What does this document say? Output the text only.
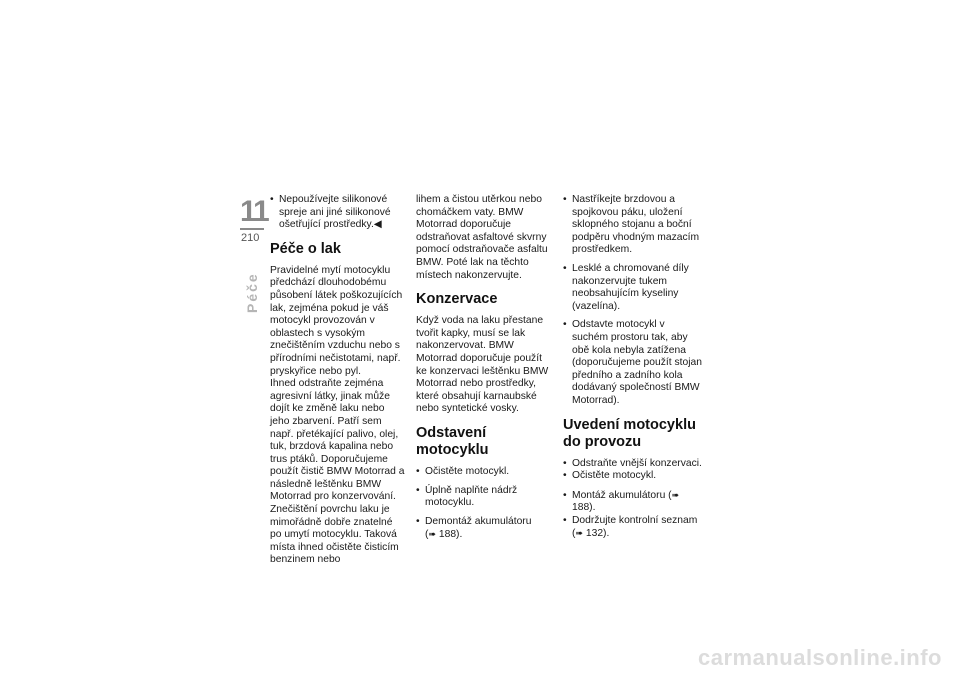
11
210
Péče

• Nepoužívejte silikonové spreje ani jiné silikonové ošetřující prostředky.◀

Péče o lak

Pravidelné mytí motocyklu předchází dlouhodobému působení látek poškozujících lak, zejména pokud je váš motocykl provozován v oblastech s vysokým znečištěním vzduchu nebo s přírodními nečistotami, např. pryskyřice nebo pyl.

Ihned odstraňte zejména agresivní látky, jinak může dojít ke změně laku nebo jeho zbarvení. Patří sem např. přetékající palivo, olej, tuk, brzdová kapalina nebo trus ptáků. Doporučujeme použít čistič BMW Motorrad a následně leštěnku BMW Motorrad pro konzervování.

Znečištění povrchu laku je mimořádně dobře znatelné po umytí motocyklu. Taková místa ihned očistěte čisticím benzinem nebo

lihem a čistou utěrkou nebo chomáčkem vaty. BMW Motorrad doporučuje odstraňovat asfaltové skvrny pomocí odstraňovače asfaltu BMW. Poté lak na těchto místech nakonzervujte.

Konzervace

Když voda na laku přestane tvořit kapky, musí se lak nakonzervovat. BMW Motorrad doporučuje použít ke konzervaci leštěnku BMW Motorrad nebo prostředky, které obsahují karnaubské nebo syntetické vosky.

Odstavení motocyklu

• Očistěte motocykl.

• Úplně naplňte nádrž motocyklu.

• Demontáž akumulátoru
(➠ 188).

• Nastříkejte brzdovou a spojkovou páku, uložení sklopného stojanu a boční podpěru vhodným mazacím prostředkem.

• Lesklé a chromované díly nakonzervujte tukem neobsahujícím kyseliny (vazelína).

• Odstavte motocykl v suchém prostoru tak, aby obě kola nebyla zatížena (doporučujeme použít stojan předního a zadního kola dodávaný společností BMW Motorrad).

Uvedení motocyklu do provozu

• Odstraňte vnější konzervaci.

• Očistěte motocykl.

• Montáž akumulátoru (➠ 188).

• Dodržujte kontrolní seznam
(➠ 132).

carmanualsonline.info
